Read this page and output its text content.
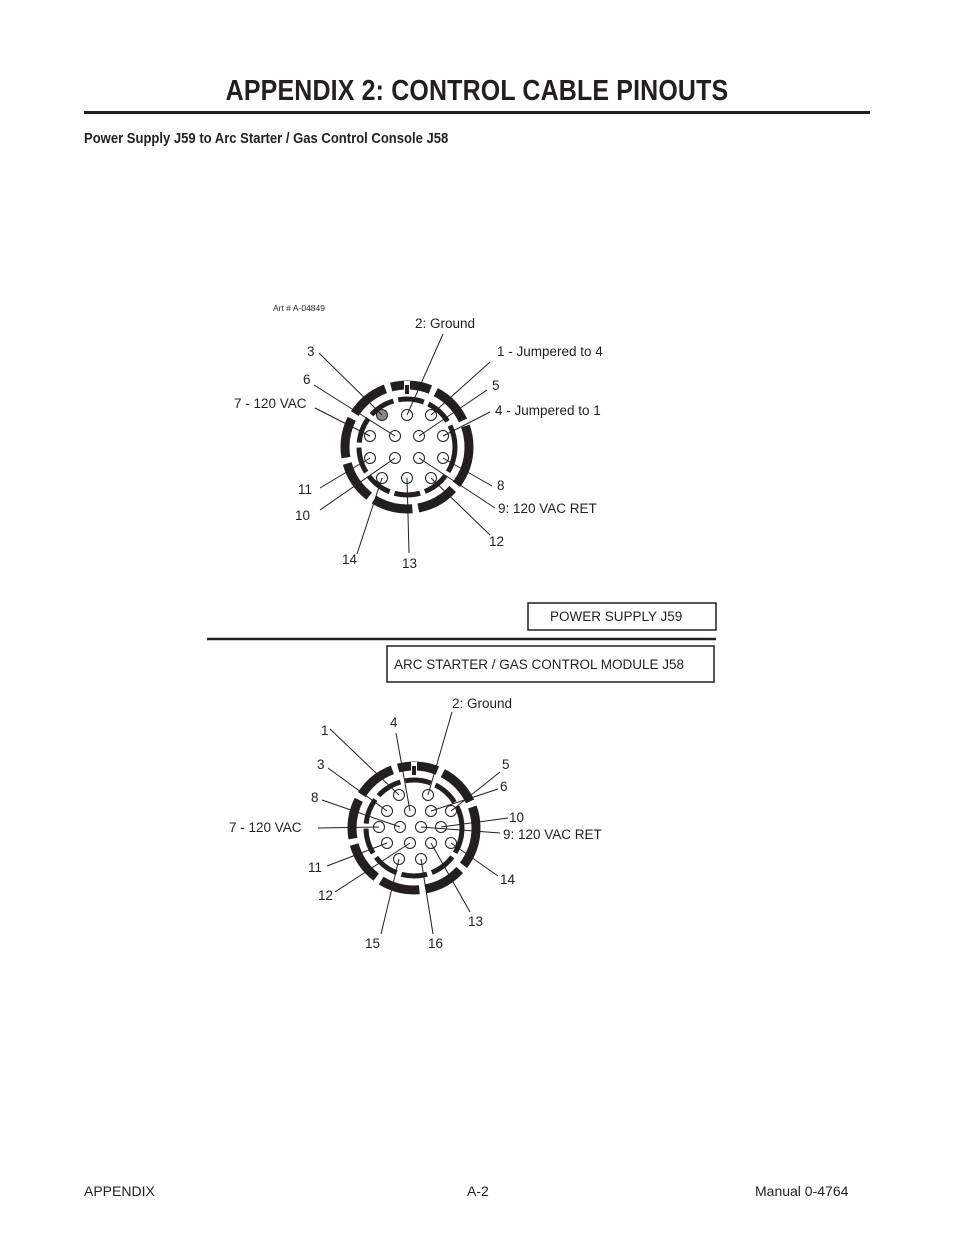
APPENDIX 2: CONTROL CABLE PINOUTS
Power Supply J59 to Arc Starter / Gas Control Console J58
Art # A-04849
2: Ground
1 - Jumpered to 4
3
6	5
7 - 120 VAC	4 - Jumpered to 1
11	8
10	9: 120 VAC RET
12
14	13
POWER SUPPLY J59
ARC STARTER / GAS CONTROL MODULE J58
2: Ground
1
4
3	5
6
8
10
7 - 120 VAC	9: 120 VAC RET
11
14
12
13
15	16
APPENDIX	A-2	Manual 0-4764
